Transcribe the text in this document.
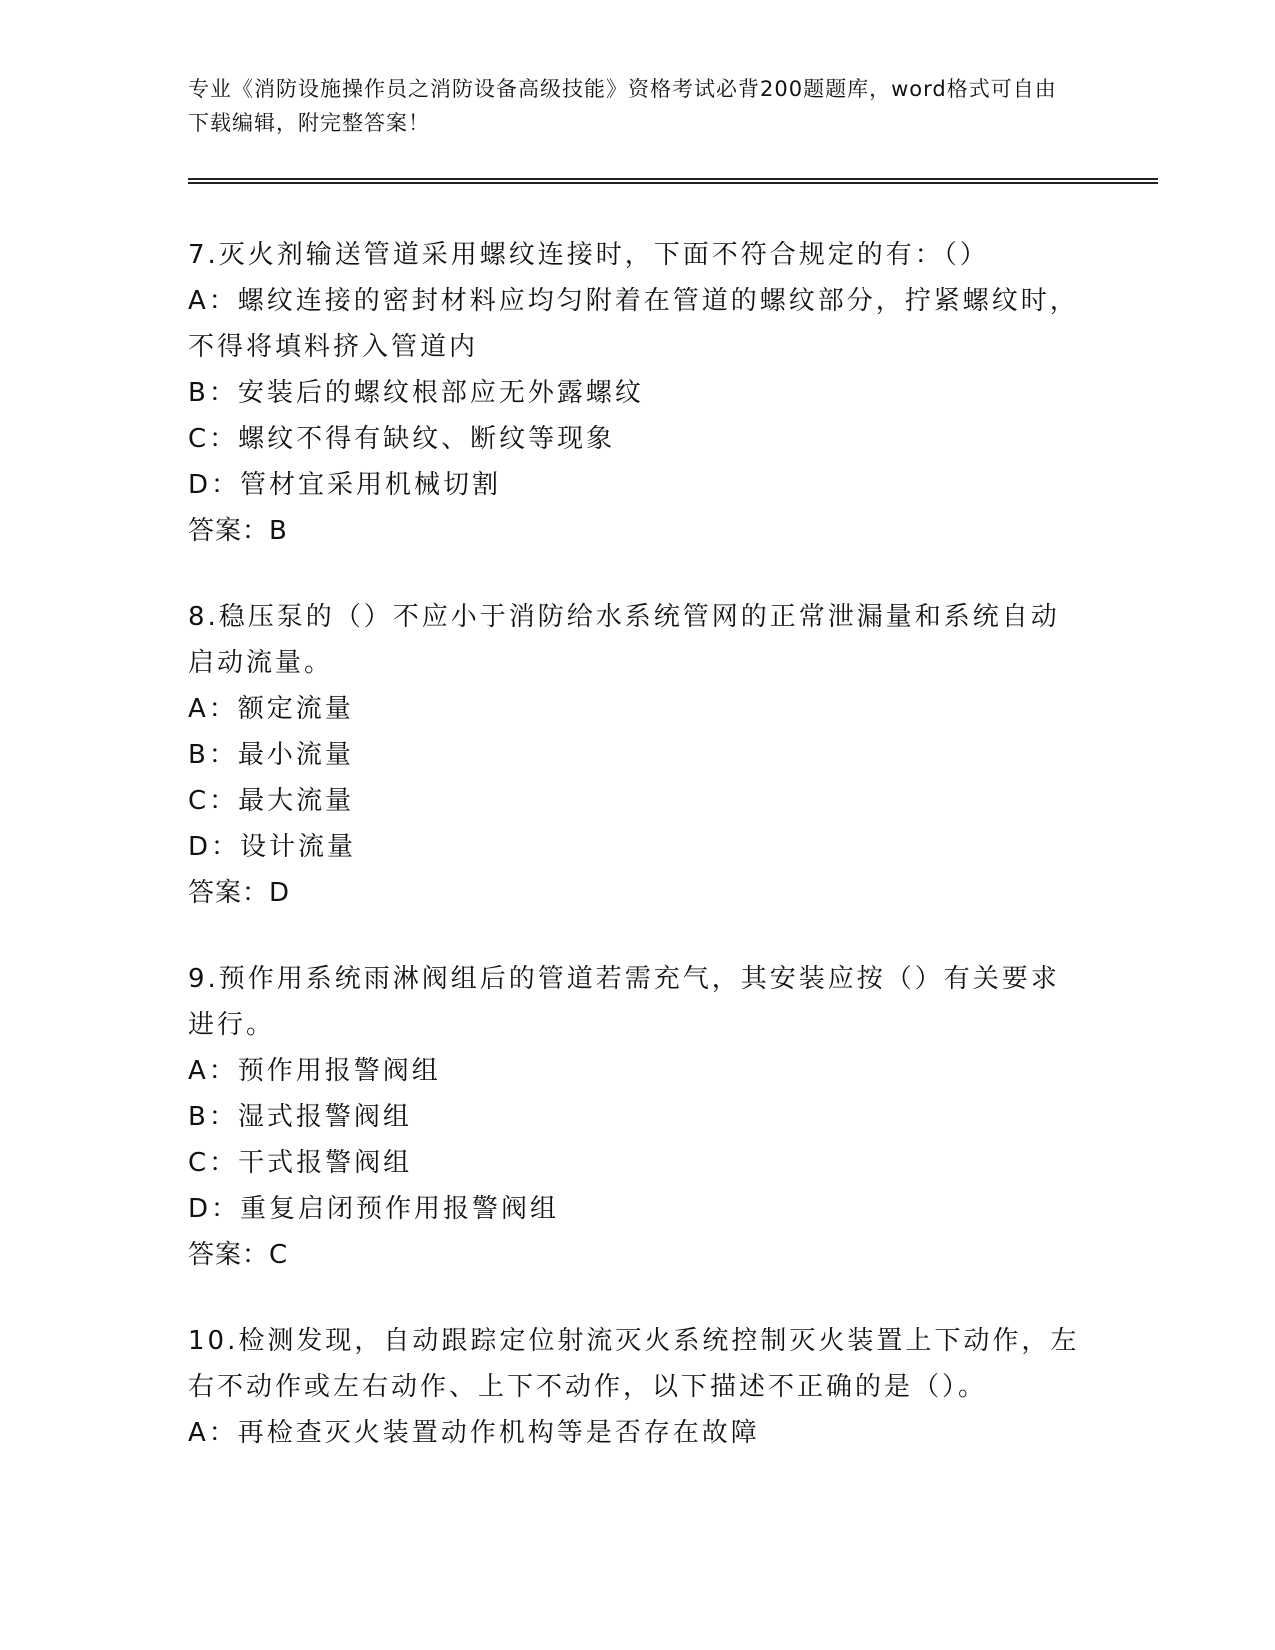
专业《消防设施操作员之消防设备高级技能》资格考试必背200题题库，word格式可自由下载编辑，附完整答案！
7.灭火剂输送管道采用螺纹连接时，下面不符合规定的有：（）
A：螺纹连接的密封材料应均匀附着在管道的螺纹部分，拧紧螺纹时，不得将填料挤入管道内
B：安装后的螺纹根部应无外露螺纹
C：螺纹不得有缺纹、断纹等现象
D：管材宜采用机械切割
答案：B
8.稳压泵的（）不应小于消防给水系统管网的正常泄漏量和系统自动启动流量。
A：额定流量
B：最小流量
C：最大流量
D：设计流量
答案：D
9.预作用系统雨淋阀组后的管道若需充气，其安装应按（）有关要求进行。
A：预作用报警阀组
B：湿式报警阀组
C：干式报警阀组
D：重复启闭预作用报警阀组
答案：C
10.检测发现，自动跟踪定位射流灭火系统控制灭火装置上下动作，左右不动作或左右动作、上下不动作，以下描述不正确的是（）。
A：再检查灭火装置动作机构等是否存在故障
